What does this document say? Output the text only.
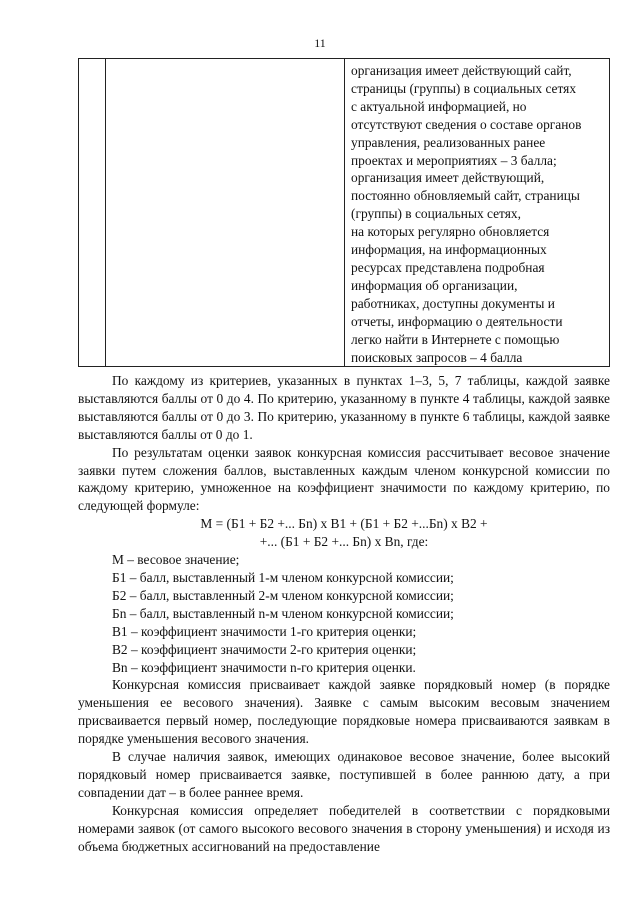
11

организация имеет действующий сайт,
страницы (группы) в социальных сетях
с актуальной информацией, но
отсутствуют сведения о составе органов
управления, реализованных ранее
проектах и мероприятиях – 3 балла;
организация имеет действующий,
постоянно обновляемый сайт, страницы
(группы) в социальных сетях,
на которых регулярно обновляется
информация, на информационных
ресурсах представлена подробная
информация об организации,
работниках, доступны документы и
отчеты, информацию о деятельности
легко найти в Интернете с помощью
поисковых запросов – 4 балла

По каждому из критериев, указанных в пунктах 1–3, 5, 7 таблицы, каждой заявке выставляются баллы от 0 до 4. По критерию, указанному в пункте 4 таблицы, каждой заявке выставляются баллы от 0 до 3. По критерию, указанному в пункте 6 таблицы, каждой заявке выставляются баллы от 0 до 1.

По результатам оценки заявок конкурсная комиссия рассчитывает весовое значение заявки путем сложения баллов, выставленных каждым членом конкурсной комиссии по каждому критерию, умноженное на коэффициент значимости по каждому критерию, по следующей формуле:

М = (Б1 + Б2 +... Бn) х В1 + (Б1 + Б2 +...Бn) х В2 +

+... (Б1 + Б2 +... Бn) х Вn, где:

М – весовое значение;

Б1 – балл, выставленный 1-м членом конкурсной комиссии;

Б2 – балл, выставленный 2-м членом конкурсной комиссии;

Бn – балл, выставленный n-м членом конкурсной комиссии;

В1 – коэффициент значимости 1-го критерия оценки;

В2 – коэффициент значимости 2-го критерия оценки;

Вn – коэффициент значимости n-го критерия оценки.

Конкурсная комиссия присваивает каждой заявке порядковый номер (в порядке уменьшения ее весового значения). Заявке с самым высоким весовым значением присваивается первый номер, последующие порядковые номера присваиваются заявкам в порядке уменьшения весового значения.

В случае наличия заявок, имеющих одинаковое весовое значение, более высокий порядковый номер присваивается заявке, поступившей в более раннюю дату, а при совпадении дат – в более раннее время.

Конкурсная комиссия определяет победителей в соответствии с порядковыми номерами заявок (от самого высокого весового значения в сторону уменьшения) и исходя из объема бюджетных ассигнований на предоставление
